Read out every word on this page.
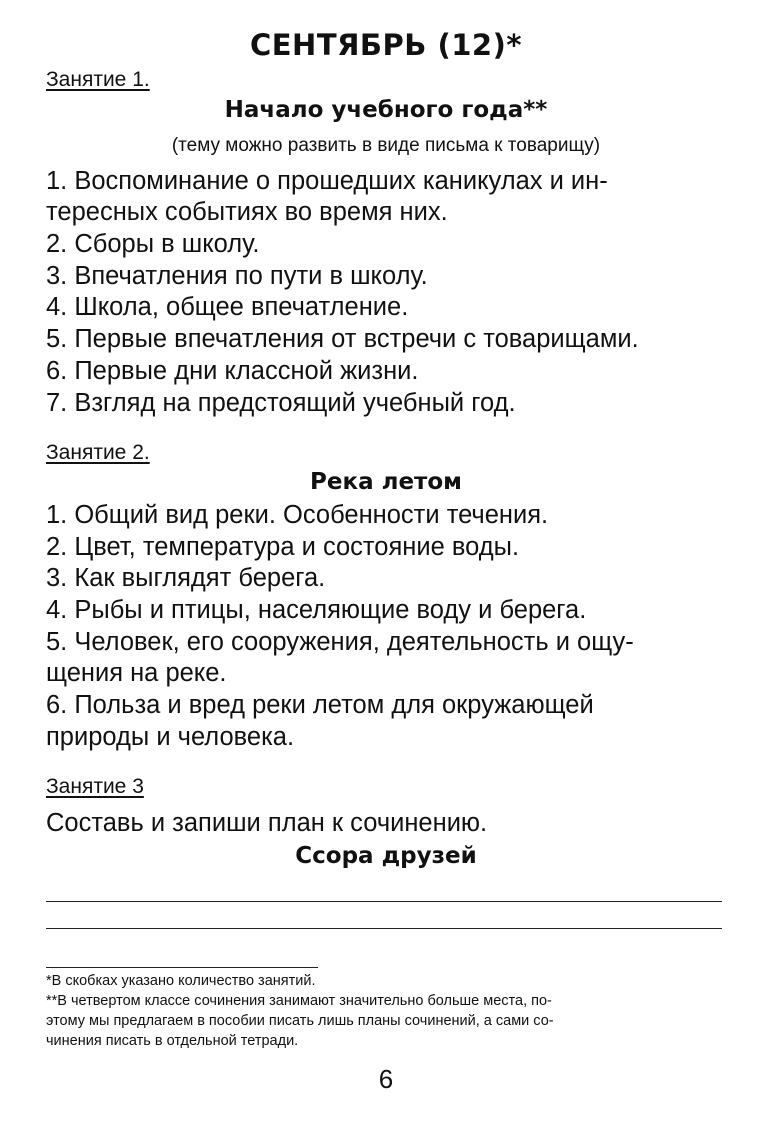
СЕНТЯБРЬ (12)*
Занятие 1.
Начало учебного года**
(тему можно развить в виде письма к товарищу)
1. Воспоминание о прошедших каникулах и ин-
тересных событиях во время них.
2. Сборы в школу.
3. Впечатления по пути в школу.
4. Школа, общее впечатление.
5. Первые впечатления от встречи с товарищами.
6. Первые дни классной жизни.
7. Взгляд на предстоящий учебный год.
Занятие 2.
Река летом
1. Общий вид реки. Особенности течения.
2. Цвет, температура и состояние воды.
3. Как выглядят берега.
4. Рыбы и птицы, населяющие воду и берега.
5. Человек, его сооружения, деятельность и ощу-
щения на реке.
6. Польза и вред реки летом для окружающей
природы и человека.
Занятие 3
Составь и запиши план к сочинению.
Ссора друзей
*В скобках указано количество занятий.
**В четвертом классе сочинения занимают значительно больше места, по-
этому мы предлагаем в пособии писать лишь планы сочинений, а сами со-
чинения писать в отдельной тетради.
6
